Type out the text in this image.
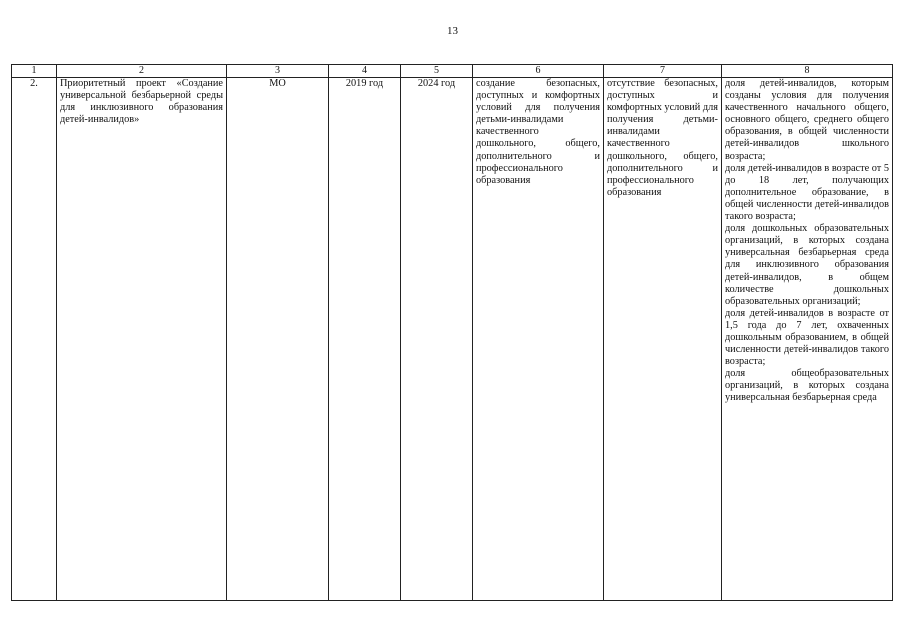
13
1	2	3	4	5	6	7	8
2.	Приоритетный проект «Создание универсальной безбарьерной среды для инклюзивного образования детей-инвалидов»	МО	2019 год	2024 год	создание безопасных, доступных и комфортных условий для получения детьми-инвалидами качественного дошкольного, общего, дополнительного и профессионального образования	отсутствие безопасных, доступных и комфортных условий для получения детьми-инвалидами качественного дошкольного, общего, дополнительного и профессионального образования	доля детей-инвалидов, которым созданы условия для получения качественного начального общего, основного общего, среднего общего образования, в общей численности детей-инвалидов школьного возраста;
доля детей-инвалидов в возрасте от 5 до 18 лет, получающих дополнительное образование, в общей численности детей-инвалидов такого возраста;
доля дошкольных образовательных организаций, в которых создана универсальная безбарьерная среда для инклюзивного образования детей-инвалидов, в общем количестве дошкольных образовательных организаций;
доля детей-инвалидов в возрасте от 1,5 года до 7 лет, охваченных дошкольным образованием, в общей численности детей-инвалидов такого возраста;
доля общеобразовательных организаций, в которых создана универсальная безбарьерная среда
